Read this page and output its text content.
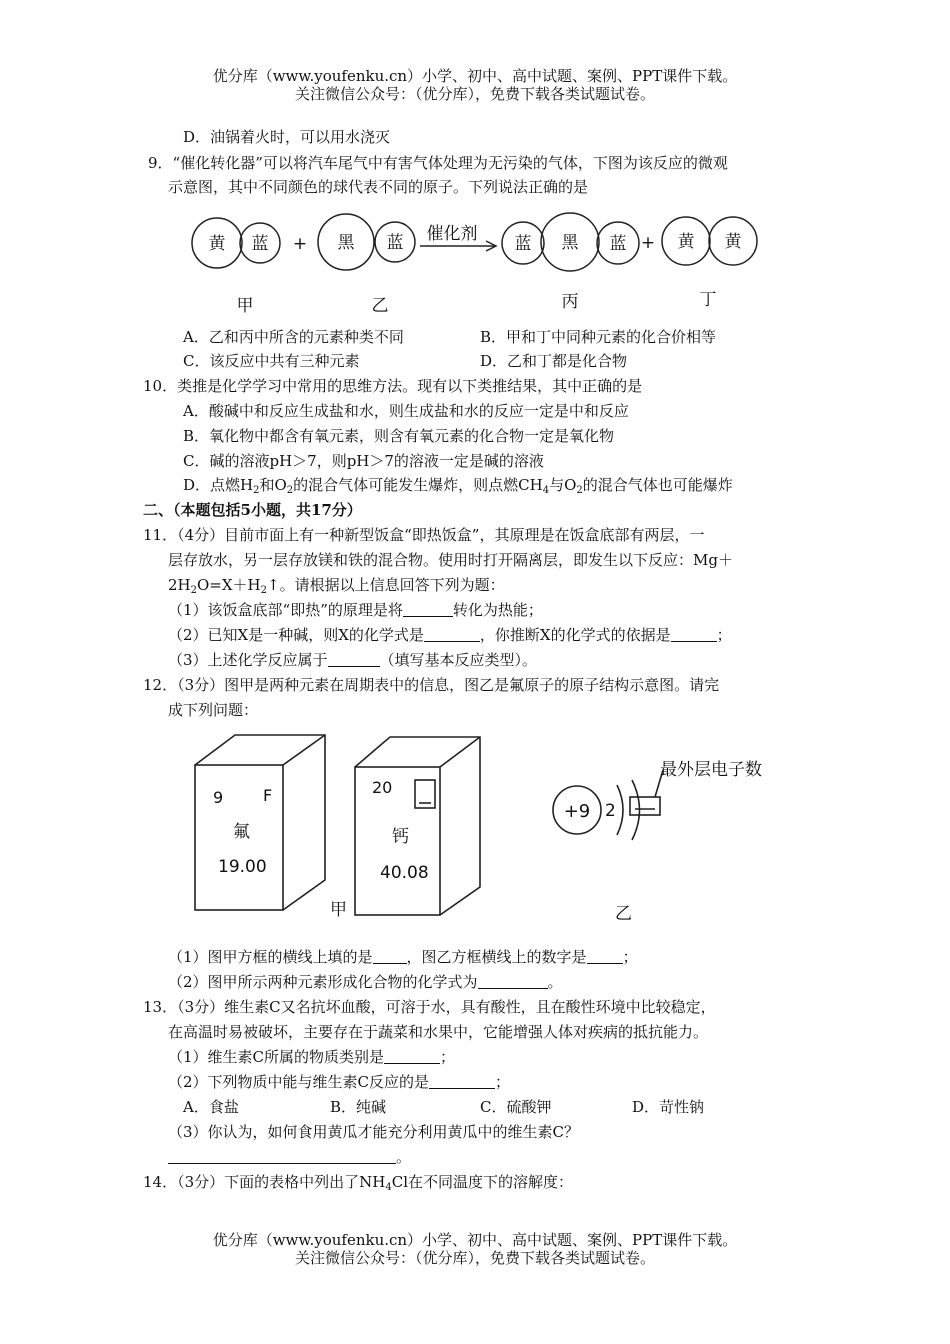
优分库（www.youfenku.cn）小学、初中、高中试题、案例、PPT课件下载。
关注微信公众号：（优分库），免费下载各类试题试卷。
D．油锅着火时，可以用水浇灭
9．“催化转化器”可以将汽车尾气中有害气体处理为无污染的气体，下图为该反应的微观
示意图，其中不同颜色的球代表不同的原子。下列说法正确的是
黄 蓝 + 黑 蓝 催化剂 蓝 黑 蓝 + 黄 黄
甲	乙	丙	丁
A．乙和丙中所含的元素种类不同	B．甲和丁中同种元素的化合价相等
C．该反应中共有三种元素	D．乙和丁都是化合物
10．类推是化学学习中常用的思维方法。现有以下类推结果，其中正确的是
A．酸碱中和反应生成盐和水，则生成盐和水的反应一定是中和反应
B．氧化物中都含有氧元素，则含有氧元素的化合物一定是氧化物
C．碱的溶液pH＞7，则pH＞7的溶液一定是碱的溶液
D．点燃$H_2$和$O_2$的混合气体可能发生爆炸，则点燃$CH_4$与$O_2$的混合气体也可能爆炸
二、（本题包括5小题，共17分）
11．（4分）目前市面上有一种新型饭盒“即热饭盒”，其原理是在饭盒底部有两层，一
层存放水，另一层存放镁和铁的混合物。使用时打开隔离层，即发生以下反应：Mg＋
$2H_2O=X+H_2↑$。请根据以上信息回答下列为题：
（1）该饭盒底部“即热”的原理是将	转化为热能；
（2）已知X是一种碱，则X的化学式是	，你推断X的化学式的依据是	；
（3）上述化学反应属于	（填写基本反应类型）。
12．（3分）图甲是两种元素在周期表中的信息，图乙是氟原子的原子结构示意图。请完
成下列问题：
9 F
氟
19.00
20
钙
40.08
+9 2
最外层电子数
甲	乙
（1）图甲方框的横线上填的是 ，图乙方框横线上的数字是 ；
（2）图甲所示两种元素形成化合物的化学式为	。
13．（3分）维生素C又名抗坏血酸，可溶于水，具有酸性，且在酸性环境中比较稳定，
在高温时易被破坏，主要存在于蔬菜和水果中，它能增强人体对疾病的抵抗能力。
（1）维生素C所属的物质类别是	；
（2）下列物质中能与维生素C反应的是	；
A．食盐	B．纯碱	C．硫酸钾	D．苛性钠
（3）你认为，如何食用黄瓜才能充分利用黄瓜中的维生素C？
。
14．（3分）下面的表格中列出了$NH_4Cl$在不同温度下的溶解度：
优分库（www.youfenku.cn）小学、初中、高中试题、案例、PPT课件下载。
关注微信公众号：（优分库），免费下载各类试题试卷。
